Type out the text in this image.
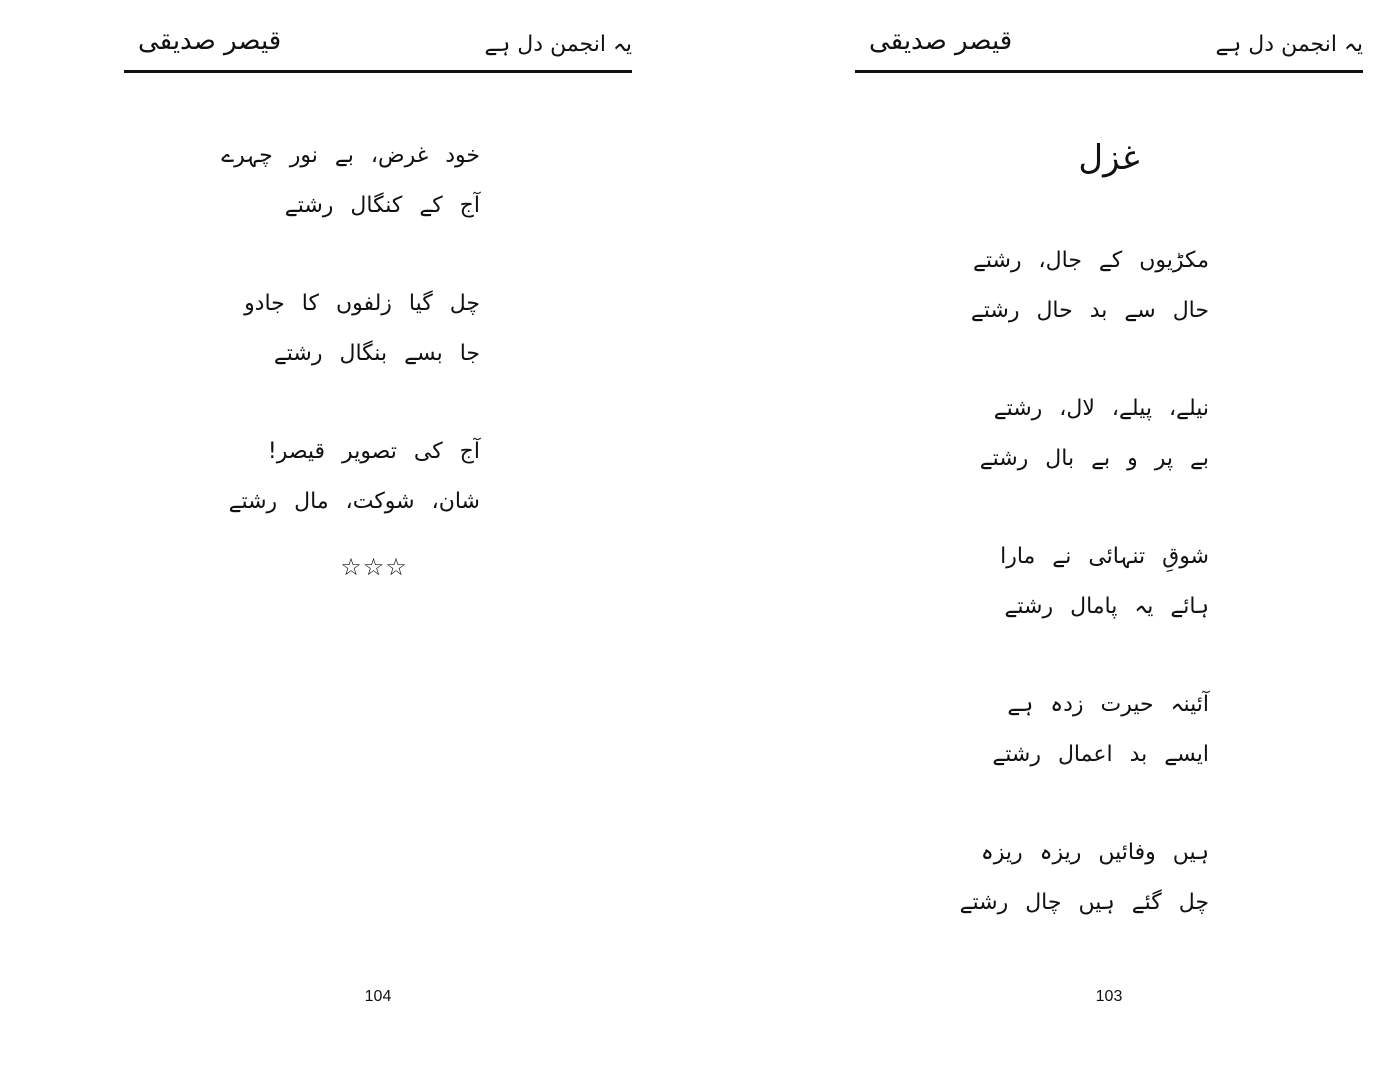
یہ انجمن دل ہے
قیصر صدیقی
خود غرض، بے نور چہرے
آج کے کنگال رشتے
چل گیا زلفوں کا جادو
جا بسے بنگال رشتے
آج کی تصویر قیصر!
شان، شوکت، مال رشتے
☆☆☆
104
یہ انجمن دل ہے
قیصر صدیقی
غزل
مکڑیوں کے جال، رشتے
حال سے بد حال رشتے
نیلے، پیلے، لال، رشتے
بے پر و بے بال رشتے
شوقِ تنہائی نے مارا
ہائے یہ پامال رشتے
آئینہ حیرت زدہ ہے
ایسے بد اعمال رشتے
ہیں وفائیں ریزہ ریزہ
چل گئے ہیں چال رشتے
103
